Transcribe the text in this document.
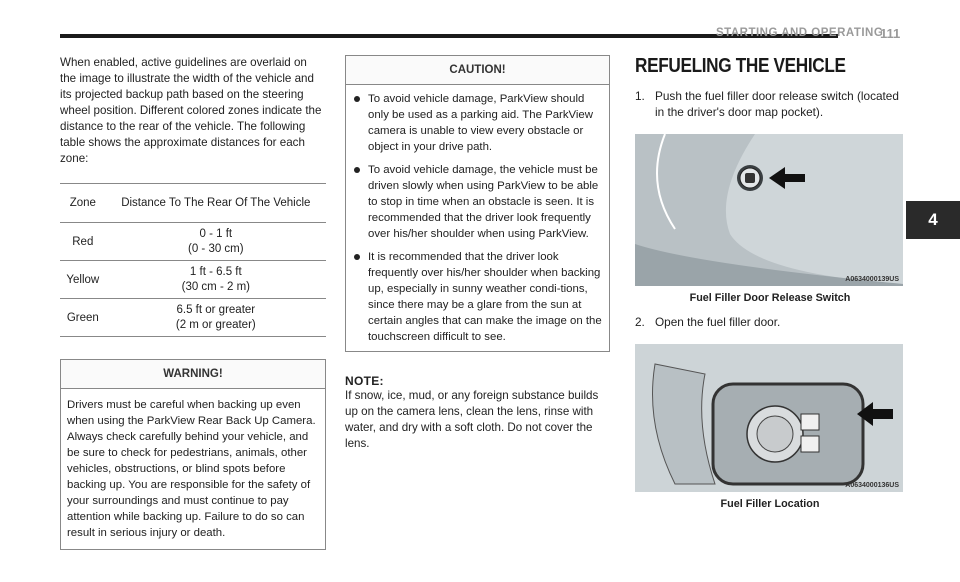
STARTING AND OPERATING
111
4

When enabled, active guidelines are overlaid on the image to illustrate the width of the vehicle and its projected backup path based on the steering wheel position. Different colored zones indicate the distance to the rear of the vehicle. The following table shows the approximate distances for each zone:

Zone	Distance To The Rear Of The Vehicle
Red	0 - 1 ft
(0 - 30 cm)
Yellow	1 ft - 6.5 ft
(30 cm - 2 m)
Green	6.5 ft or greater
(2 m or greater)
WARNING!
Drivers must be careful when backing up even when using the ParkView Rear Back Up Camera. Always check carefully behind your vehicle, and be sure to check for pedestrians, animals, other vehicles, obstructions, or blind spots before backing up. You are responsible for the safety of your surroundings and must continue to pay attention while backing up. Failure to do so can result in serious injury or death.
CAUTION!
To avoid vehicle damage, ParkView should only be used as a parking aid. The ParkView camera is unable to view every obstacle or object in your drive path.
To avoid vehicle damage, the vehicle must be driven slowly when using ParkView to be able to stop in time when an obstacle is seen. It is recommended that the driver look frequently over his/her shoulder when using ParkView.
It is recommended that the driver look frequently over his/her shoulder when backing up, especially in sunny weather condi-tions, since there may be a glare from the sun at certain angles that can make the image on the touchscreen difficult to see.
NOTE:

If snow, ice, mud, or any foreign substance builds up on the camera lens, clean the lens, rinse with water, and dry with a soft cloth. Do not cover the lens.

REFUELING THE VEHICLE
1. Push the fuel filler door release switch (located in the driver's door map pocket).
A0634000139US
Fuel Filler Door Release Switch
2. Open the fuel filler door.
A0634000136US
Fuel Filler Location
